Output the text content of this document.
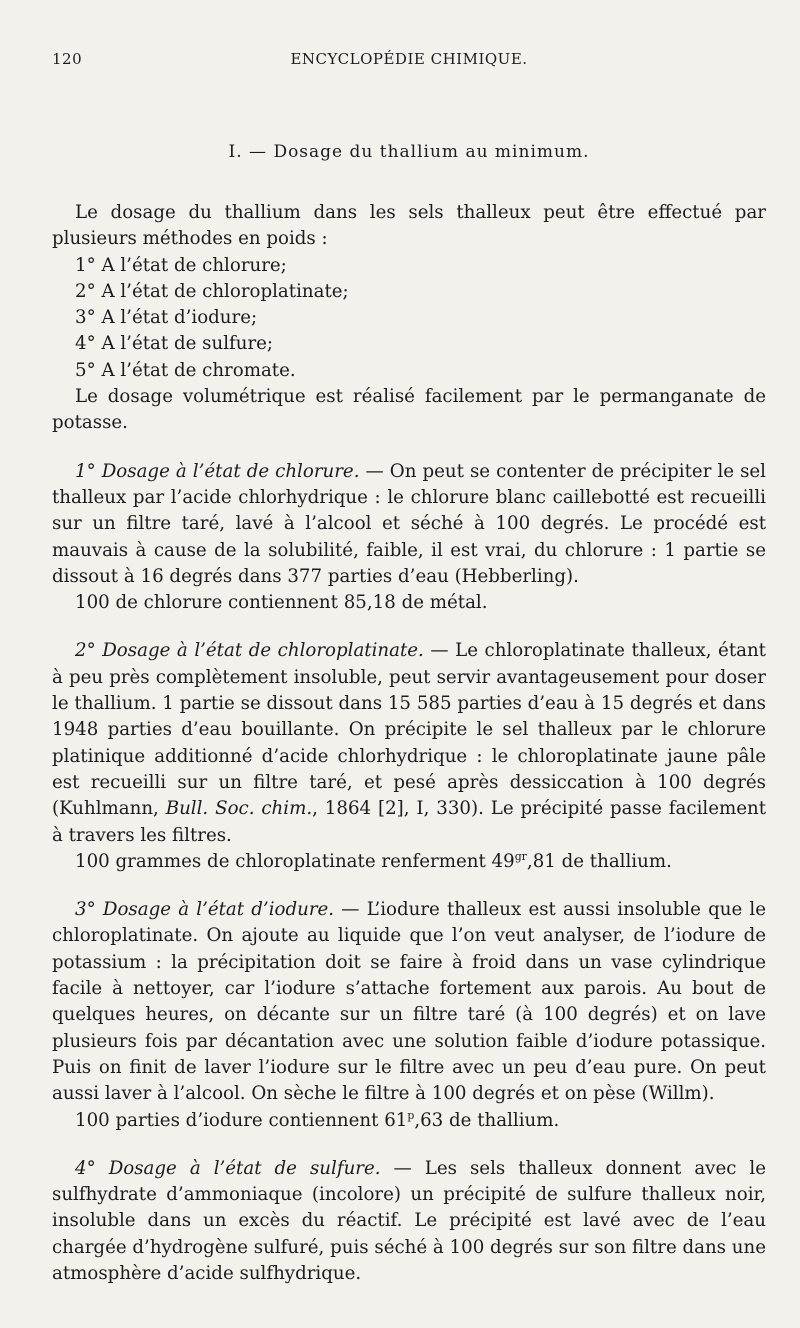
120	ENCYCLOPÉDIE CHIMIQUE.
I. — Dosage du thallium au minimum.

Le dosage du thallium dans les sels thalleux peut être effectué par plusieurs méthodes en poids :

1° A l’état de chlorure;

2° A l’état de chloroplatinate;

3° A l’état d’iodure;

4° A l’état de sulfure;

5° A l’état de chromate.

Le dosage volumétrique est réalisé facilement par le permanganate de potasse.

1° Dosage à l’état de chlorure. — On peut se contenter de précipiter le sel thalleux par l’acide chlorhydrique : le chlorure blanc caillebotté est recueilli sur un filtre taré, lavé à l’alcool et séché à 100 degrés. Le procédé est mauvais à cause de la solubilité, faible, il est vrai, du chlorure : 1 partie se dissout à 16 degrés dans 377 parties d’eau (Hebberling).

100 de chlorure contiennent 85,18 de métal.

2° Dosage à l’état de chloroplatinate. — Le chloroplatinate thalleux, étant à peu près complètement insoluble, peut servir avantageusement pour doser le thallium. 1 partie se dissout dans 15 585 parties d’eau à 15 degrés et dans 1948 parties d’eau bouillante. On précipite le sel thalleux par le chlorure platinique additionné d’acide chlorhydrique : le chloroplatinate jaune pâle est recueilli sur un filtre taré, et pesé après dessiccation à 100 degrés (Kuhlmann, Bull. Soc. chim., 1864 [2], I, 330). Le précipité passe facilement à travers les filtres.

100 grammes de chloroplatinate renferment $49^{gr},81$ de thallium.

3° Dosage à l’état d’iodure. — L’iodure thalleux est aussi insoluble que le chloroplatinate. On ajoute au liquide que l’on veut analyser, de l’iodure de potassium : la précipitation doit se faire à froid dans un vase cylindrique facile à nettoyer, car l’iodure s’attache fortement aux parois. Au bout de quelques heures, on décante sur un filtre taré (à 100 degrés) et on lave plusieurs fois par décantation avec une solution faible d’iodure potassique. Puis on finit de laver l’iodure sur le filtre avec un peu d’eau pure. On peut aussi laver à l’alcool. On sèche le filtre à 100 degrés et on pèse (Willm).

100 parties d’iodure contiennent 61$^p$,63 de thallium.

4° Dosage à l’état de sulfure. — Les sels thalleux donnent avec le sulfhydrate d’ammoniaque (incolore) un précipité de sulfure thalleux noir, insoluble dans un excès du réactif. Le précipité est lavé avec de l’eau chargée d’hydrogène sulfuré, puis séché à 100 degrés sur son filtre dans une atmosphère d’acide sulfhydrique.
